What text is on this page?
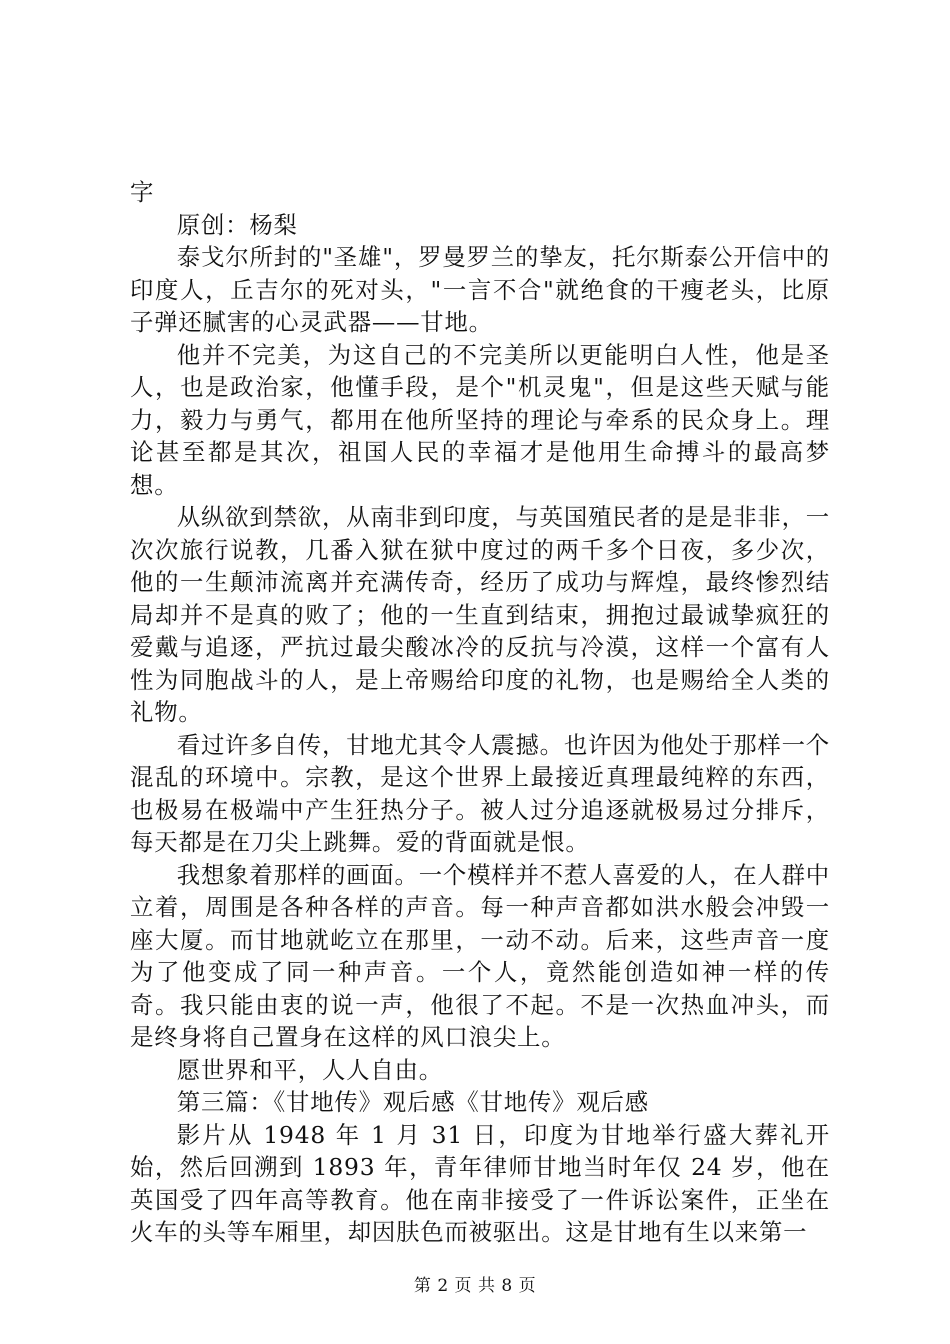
字

原创：杨梨

泰戈尔所封的"圣雄"，罗曼罗兰的挚友，托尔斯泰公开信中的印度人，丘吉尔的死对头，"一言不合"就绝食的干瘦老头，比原子弹还腻害的心灵武器——甘地。

他并不完美，为这自己的不完美所以更能明白人性，他是圣人，也是政治家，他懂手段，是个"机灵鬼"，但是这些天赋与能力，毅力与勇气，都用在他所坚持的理论与牵系的民众身上。理论甚至都是其次，祖国人民的幸福才是他用生命搏斗的最高梦想。

从纵欲到禁欲，从南非到印度，与英国殖民者的是是非非，一次次旅行说教，几番入狱在狱中度过的两千多个日夜，多少次，他的一生颠沛流离并充满传奇，经历了成功与辉煌，最终惨烈结局却并不是真的败了；他的一生直到结束，拥抱过最诚挚疯狂的爱戴与追逐，严抗过最尖酸冰冷的反抗与冷漠，这样一个富有人性为同胞战斗的人，是上帝赐给印度的礼物，也是赐给全人类的礼物。

看过许多自传，甘地尤其令人震撼。也许因为他处于那样一个混乱的环境中。宗教，是这个世界上最接近真理最纯粹的东西，也极易在极端中产生狂热分子。被人过分追逐就极易过分排斥，每天都是在刀尖上跳舞。爱的背面就是恨。

我想象着那样的画面。一个模样并不惹人喜爱的人，在人群中立着，周围是各种各样的声音。每一种声音都如洪水般会冲毁一座大厦。而甘地就屹立在那里，一动不动。后来，这些声音一度为了他变成了同一种声音。一个人，竟然能创造如神一样的传奇。我只能由衷的说一声，他很了不起。不是一次热血冲头，而是终身将自己置身在这样的风口浪尖上。

愿世界和平，人人自由。

第三篇：《甘地传》观后感《甘地传》观后感

影片从 1948 年 1 月 31 日，印度为甘地举行盛大葬礼开始，然后回溯到 1893 年，青年律师甘地当时年仅 24 岁，他在英国受了四年高等教育。他在南非接受了一件诉讼案件，正坐在火车的头等车厢里，却因肤色而被驱出。这是甘地有生以来第一

第 2 页 共 8 页
